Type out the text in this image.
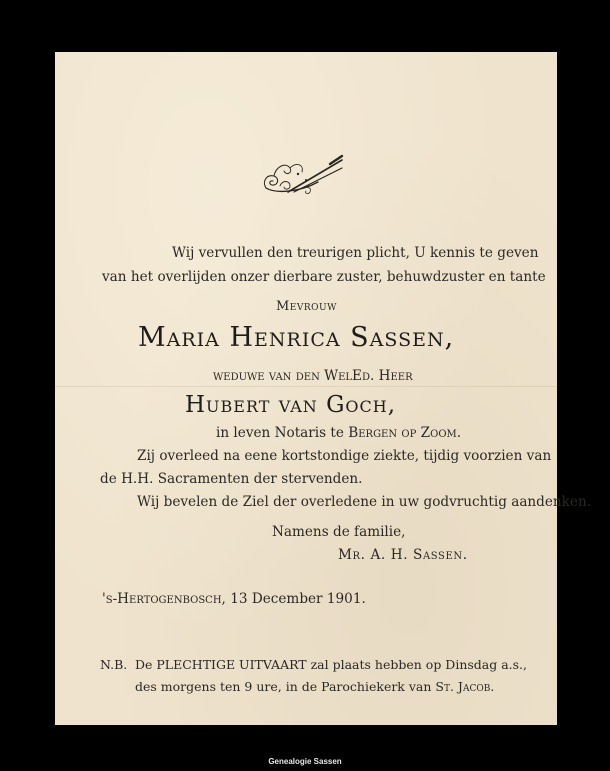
Wij vervullen den treurigen plicht, U kennis te geven
van het overlijden onzer dierbare zuster, behuwdzuster en tante
Mevrouw
Maria Henrica Sassen,
weduwe van den WelEd. Heer
Hubert van Goch,
in leven Notaris te Bergen op Zoom.
Zij overleed na eene kortstondige ziekte, tijdig voorzien van
de H.H. Sacramenten der stervenden.
Wij bevelen de Ziel der overledene in uw godvruchtig aandenken.
Namens de familie,
Mr. A. H. Sassen.
's-Hertogenbosch, 13 December 1901.
N.B. De PLECHTIGE UITVAART zal plaats hebben op Dinsdag a.s.,
des morgens ten 9 ure, in de Parochiekerk van St. Jacob.
Genealogie Sassen
